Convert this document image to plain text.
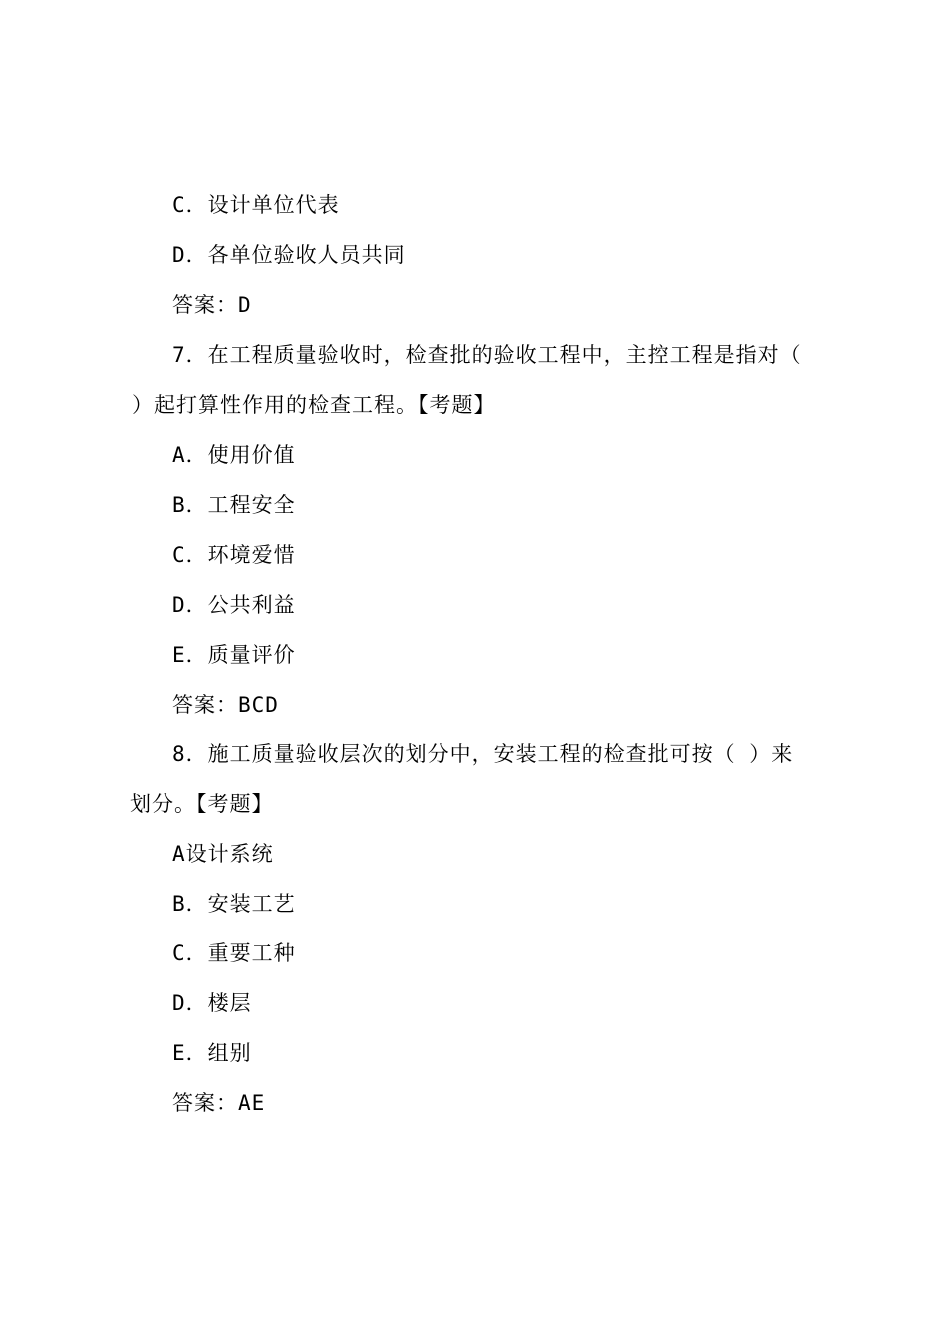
C．设计单位代表
D．各单位验收人员共同
答案：D
7．在工程质量验收时，检查批的验收工程中，主控工程是指对（
）起打算性作用的检查工程。【考题】
A．使用价值
B．工程安全
C．环境爱惜
D．公共利益
E．质量评价
答案：BCD
8．施工质量验收层次的划分中，安装工程的检查批可按（ ）来
划分。【考题】
A设计系统
B．安装工艺
C．重要工种
D．楼层
E．组别
答案：AE
